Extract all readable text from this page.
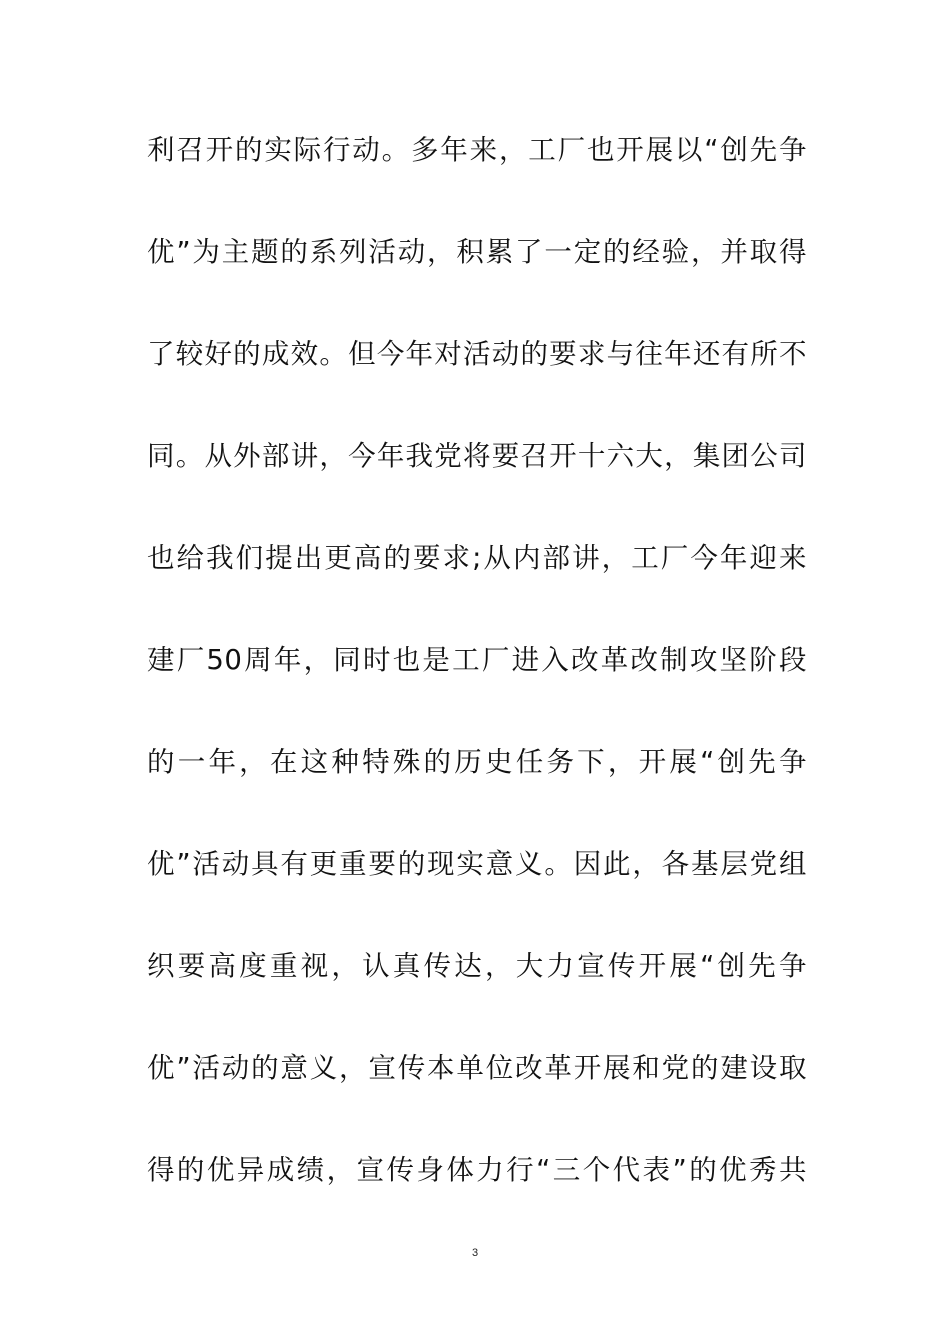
利召开的实际行动。多年来，工厂也开展以“创先争
优”为主题的系列活动，积累了一定的经验，并取得
了较好的成效。但今年对活动的要求与往年还有所不
同。从外部讲，今年我党将要召开十六大，集团公司
也给我们提出更高的要求;从内部讲，工厂今年迎来
建厂50周年，同时也是工厂进入改革改制攻坚阶段
的一年，在这种特殊的历史任务下，开展“创先争
优”活动具有更重要的现实意义。因此，各基层党组
织要高度重视，认真传达，大力宣传开展“创先争
优”活动的意义，宣传本单位改革开展和党的建设取
得的优异成绩，宣传身体力行“三个代表”的优秀共
3
